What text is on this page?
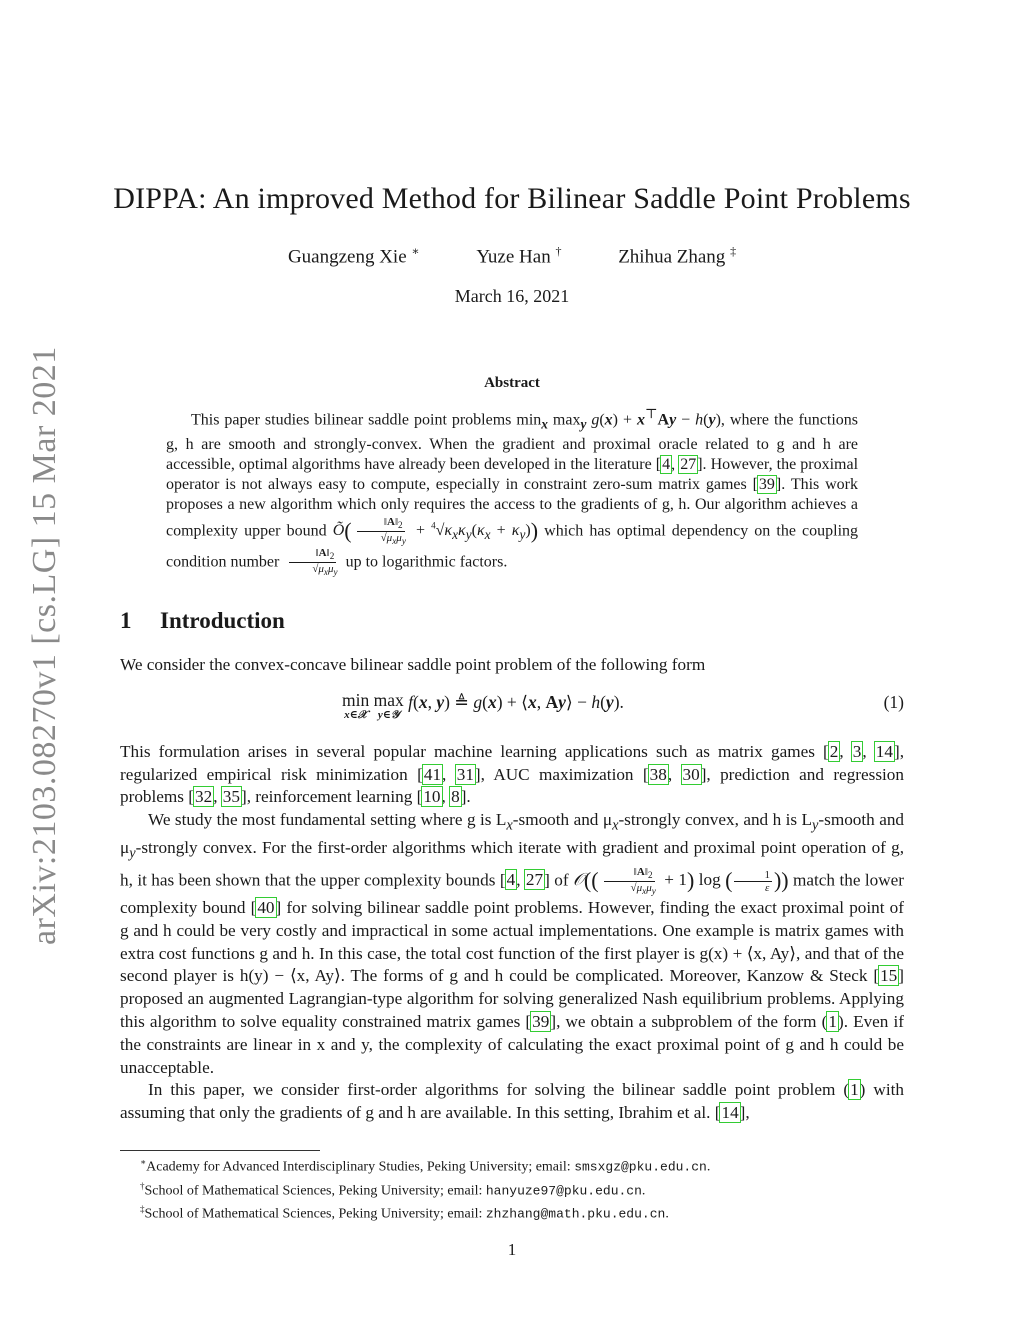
arXiv:2103.08270v1 [cs.LG] 15 Mar 2021
DIPPA: An improved Method for Bilinear Saddle Point Problems
Guangzeng Xie ∗	Yuze Han †	Zhihua Zhang ‡
March 16, 2021
Abstract

This paper studies bilinear saddle point problems $\min_x \max_y g(x) + x^⊤Ay - h(y)$, where the functions g, h are smooth and strongly-convex. When the gradient and proximal oracle related to g and h are accessible, optimal algorithms have already been developed in the literature [4, 27]. However, the proximal operator is not always easy to compute, especially in constraint zero-sum matrix games [39]. This work proposes a new algorithm which only requires the access to the gradients of g, h. Our algorithm achieves a complexity upper bound Õ( $\frac{‖A‖_2}{√\mu_x\mu_y} + ^4√\kappa_x\kappa_y(\kappa_x + \kappa_y)$) which has optimal dependency on the coupling condition number $\frac{‖A‖_2}{√\mu_x\mu_y}$ up to logarithmic factors.

1 Introduction

We consider the convex-concave bilinear saddle point problem of the following form

min
x∈𝒳

max
y∈𝒴
f(x, y) ≜ g(x) + ⟨x, Ay⟩ − h(y).	(1)

This formulation arises in several popular machine learning applications such as matrix games [2, 3, 14], regularized empirical risk minimization [41, 31], AUC maximization [38, 30], prediction and regression problems [32, 35], reinforcement learning [10, 8].

We study the most fundamental setting where g is $L_x$-smooth and $\mu_x$-strongly convex, and h is $L_y$-smooth and $\mu_y$-strongly convex. For the first-order algorithms which iterate with gradient and proximal point operation of g, h, it has been shown that the upper complexity bounds [4, 27] of 𝒪(( $\frac{‖A‖_2}{√\mu_x\mu_y} + 1$) log ( $\frac{1}{\varepsilon}$ )) match the lower complexity bound [40] for solving bilinear saddle point problems. However, finding the exact proximal point of g and h could be very costly and impractical in some actual implementations. One example is matrix games with extra cost functions g and h. In this case, the total cost function of the first player is g(x) + ⟨x, Ay⟩, and that of the second player is h(y) − ⟨x, Ay⟩. The forms of g and h could be complicated. Moreover, Kanzow & Steck [15] proposed an augmented Lagrangian-type algorithm for solving generalized Nash equilibrium problems. Applying this algorithm to solve equality constrained matrix games [39], we obtain a subproblem of the form (1). Even if the constraints are linear in x and y, the complexity of calculating the exact proximal point of g and h could be unacceptable.

In this paper, we consider first-order algorithms for solving the bilinear saddle point problem (1) with assuming that only the gradients of g and h are available. In this setting, Ibrahim et al. [14],

∗Academy for Advanced Interdisciplinary Studies, Peking University; email: smsxgz@pku.edu.cn.
†School of Mathematical Sciences, Peking University; email: hanyuze97@pku.edu.cn.
‡School of Mathematical Sciences, Peking University; email: zhzhang@math.pku.edu.cn.
1
